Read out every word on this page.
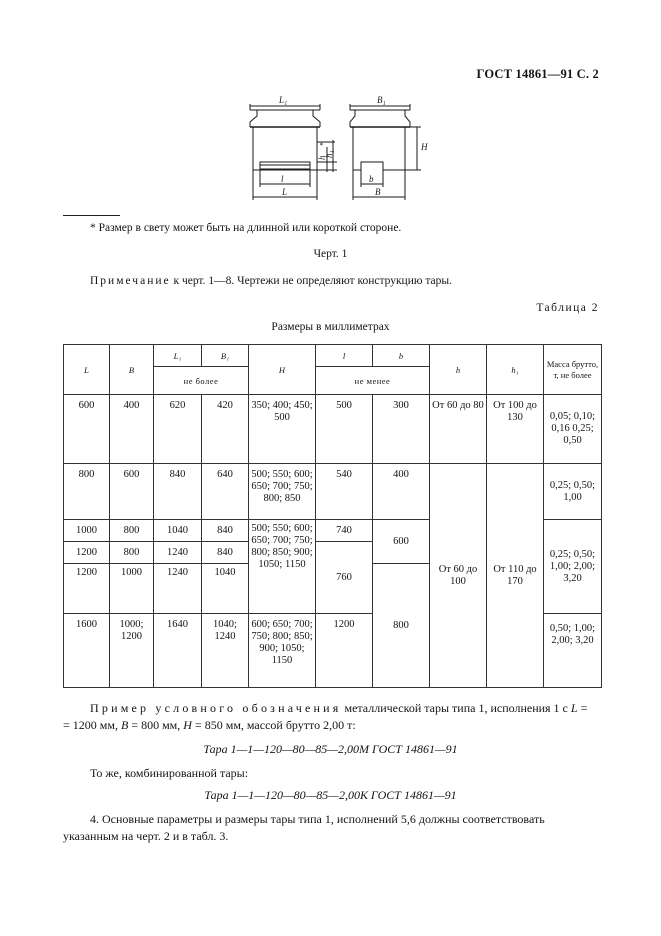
ГОСТ 14861—91 С. 2
L₁	B₁
H
l
L
b
B
h
h₁
*
* Размер в свету может быть на длинной или короткой стороне.
Черт. 1
Примечание к черт. 1—8. Чертежи не определяют конструкцию тары.
Таблица 2
Размеры в миллиметрах
L	B	L₁	B₁	H	l	b	h	h₁	Масса брутто, т, не более
		не более			не менее				
600	400	620	420	350; 400; 450; 500	500	300	От 60 до 80	От 100 до 130	0,05; 0,10; 0,16 0,25; 0,50
800	600	840	640	500; 550; 600; 650; 700; 750; 800; 850	540	400	От 60 до 100	От 110 до 170	0,25; 0,50; 1,00
1000	800	1040	840	500; 550; 600; 650; 700; 750; 800; 850; 900; 1050; 1150	740	600			0,25; 0,50; 1,00; 2,00; 3,20
1200	800	1240	840		760				
1200	1000	1240	1040			800			
1600	1000; 1200	1640	1040; 1240	600; 650; 700; 750; 800; 850; 900; 1050; 1150	1200				0,50; 1,00; 2,00; 3,20
Пример условного обозначения металлической тары типа 1, исполнения 1 с L =
= 1200 мм, B = 800 мм, H = 850 мм, массой брутто 2,00 т:
Тара 1—1—120—80—85—2,00М ГОСТ 14861—91
То же, комбинированной тары:
Тара 1—1—120—80—85—2,00К ГОСТ 14861—91
4. Основные параметры и размеры тары типа 1, исполнений 5,6 должны соответствовать
указанным на черт. 2 и в табл. 3.
